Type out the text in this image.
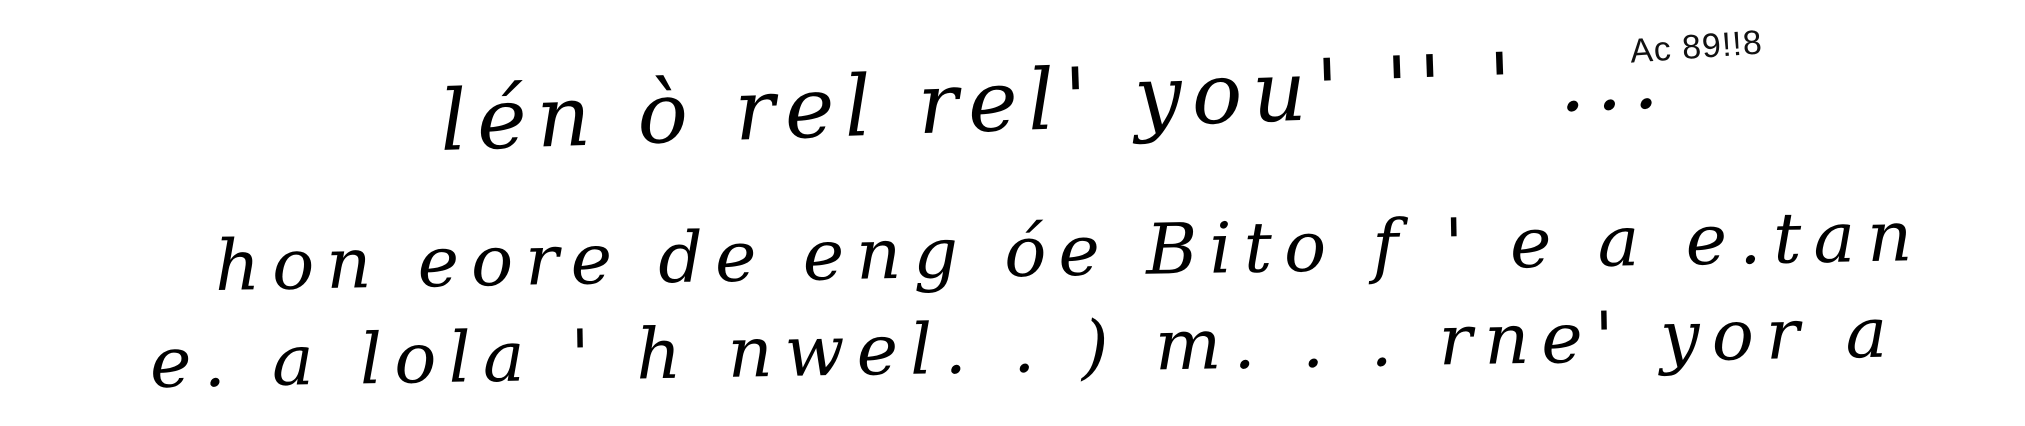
Ac 89!!8
lén ò rel rel' you' '' ' ...
hon eore de eng óe Bito f ' e a e.tan
e. a lola ' h nwel. . ) m. . . rne' yor a
